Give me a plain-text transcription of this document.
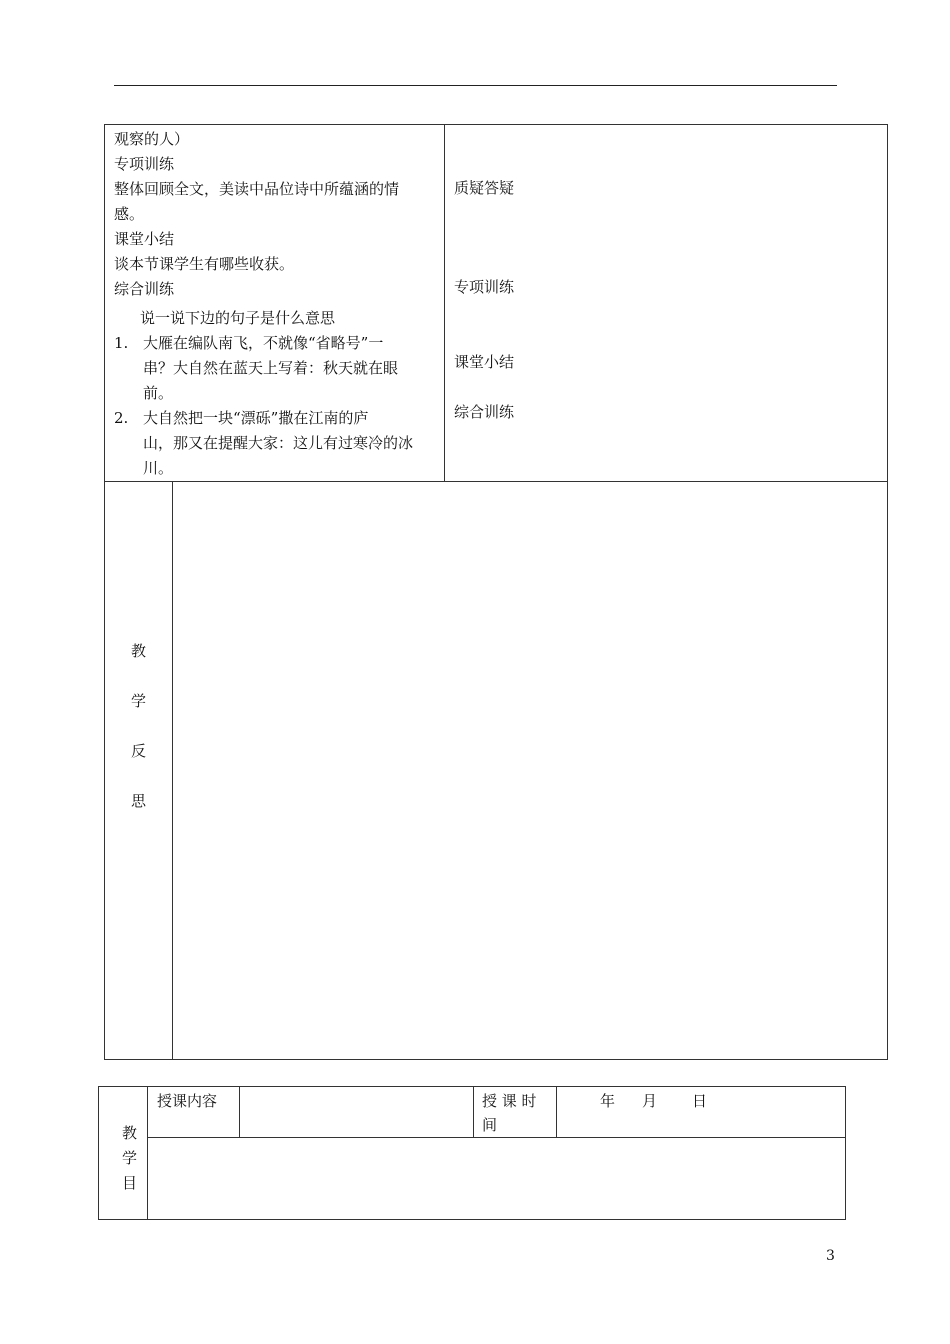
观察的人）

专项训练

整体回顾全文，美读中品位诗中所蕴涵的情

感。

课堂小结

谈本节课学生有哪些收获。

综合训练

说一说下边的句子是什么意思

1. 大雁在编队南飞，不就像“省略号”一
串？大自然在蓝天上写着：秋天就在眼
前。
2. 大自然把一块“漂砾”撒在江南的庐
山，那又在提醒大家：这儿有过寒冷的冰
川。

质疑答疑

专项训练

课堂小结

综合训练

教
学
反
思
教
学
目
授课内容	授 课 时
间
年 月 日
3
